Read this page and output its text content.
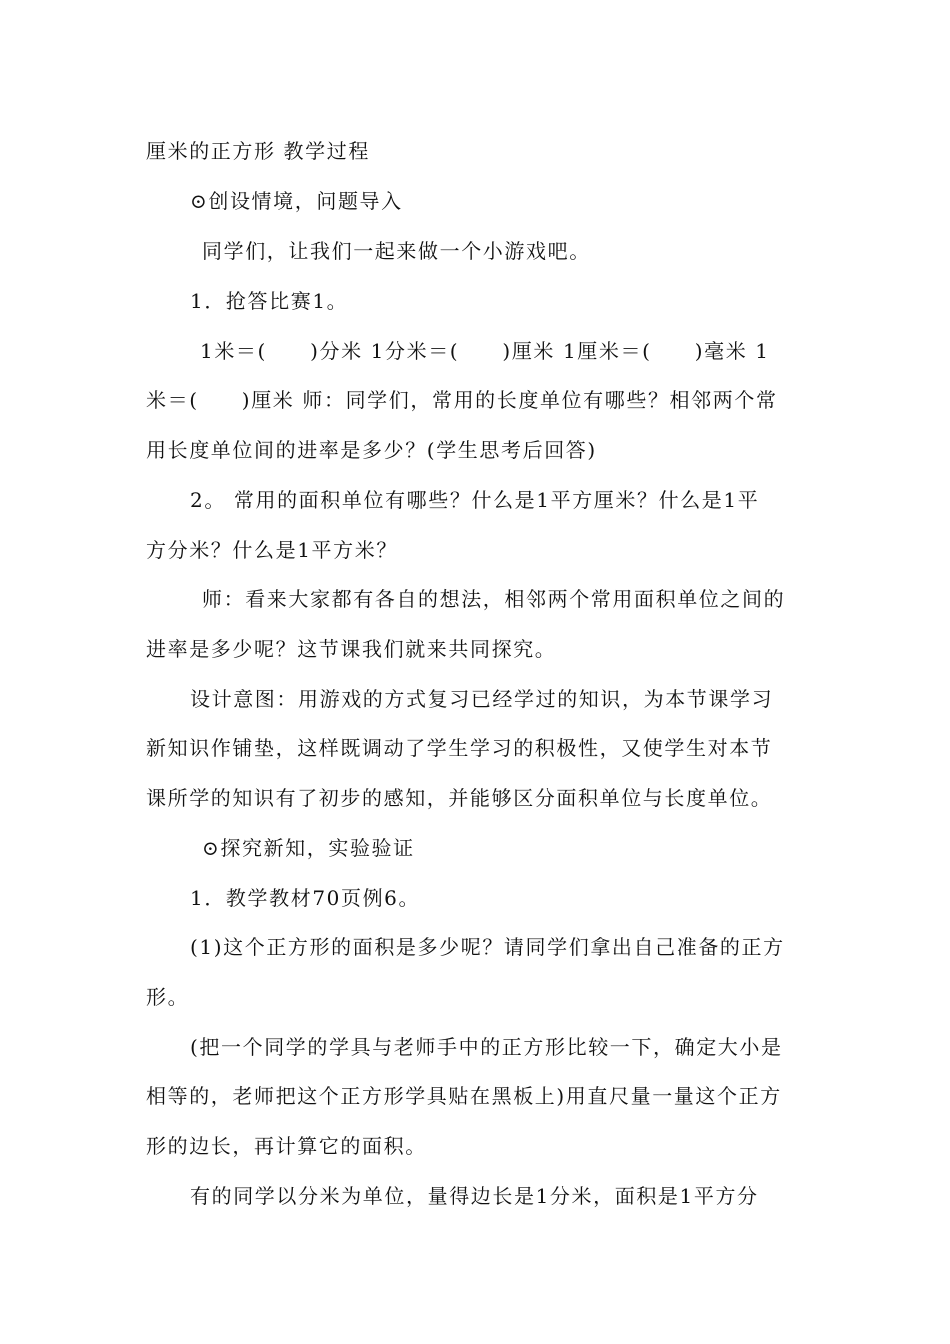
厘米的正方形 教学过程
⊙创设情境，问题导入
同学们，让我们一起来做一个小游戏吧。
1．抢答比赛1。
1米＝(　　)分米 1分米＝(　　)厘米 1厘米＝(　　)毫米 1
米＝(　　)厘米 师：同学们，常用的长度单位有哪些？相邻两个常
用长度单位间的进率是多少？(学生思考后回答)
2。 常用的面积单位有哪些？什么是1平方厘米？什么是1平
方分米？什么是1平方米？
师：看来大家都有各自的想法，相邻两个常用面积单位之间的
进率是多少呢？这节课我们就来共同探究。
设计意图：用游戏的方式复习已经学过的知识，为本节课学习
新知识作铺垫，这样既调动了学生学习的积极性，又使学生对本节
课所学的知识有了初步的感知，并能够区分面积单位与长度单位。
⊙探究新知，实验验证
1．教学教材70页例6。
(1)这个正方形的面积是多少呢？请同学们拿出自己准备的正方
形。
(把一个同学的学具与老师手中的正方形比较一下，确定大小是
相等的，老师把这个正方形学具贴在黑板上)用直尺量一量这个正方
形的边长，再计算它的面积。
有的同学以分米为单位，量得边长是1分米，面积是1平方分
